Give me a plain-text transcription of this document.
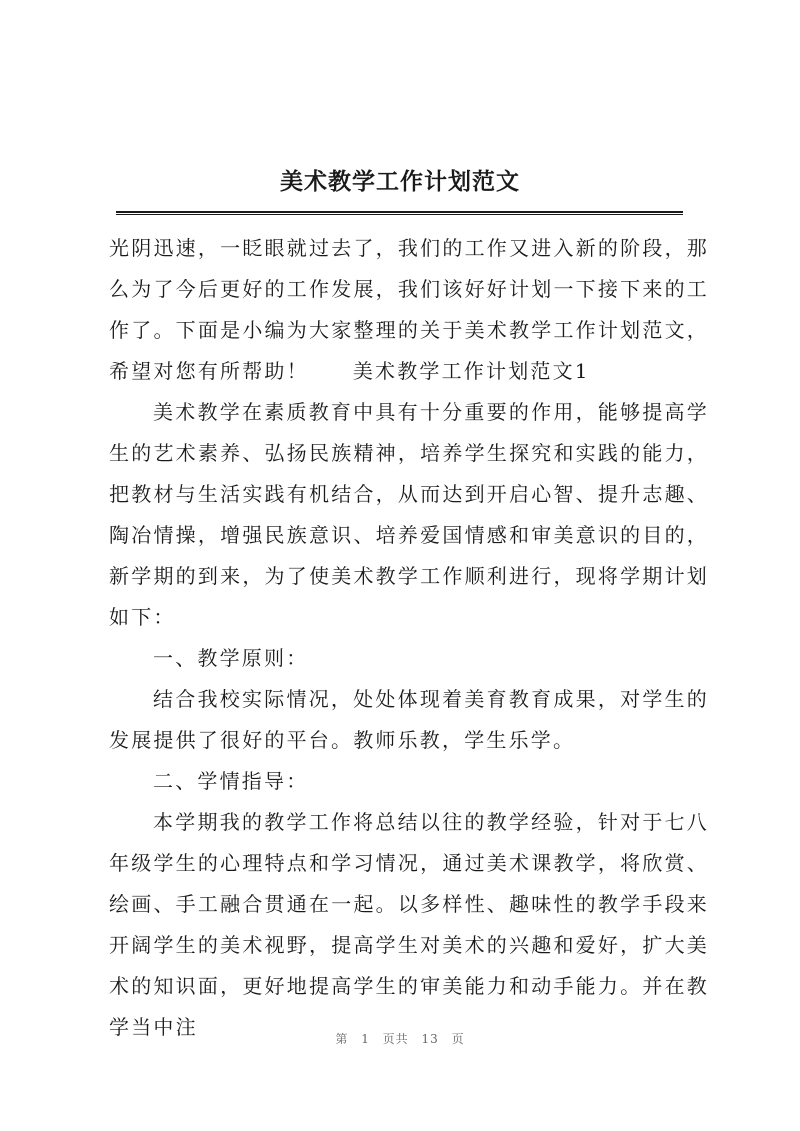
美术教学工作计划范文

光阴迅速，一眨眼就过去了，我们的工作又进入新的阶段，那么为了今后更好的工作发展，我们该好好计划一下接下来的工作了。下面是小编为大家整理的关于美术教学工作计划范文，希望对您有所帮助！ 美术教学工作计划范文1

美术教学在素质教育中具有十分重要的作用，能够提高学生的艺术素养、弘扬民族精神，培养学生探究和实践的能力，把教材与生活实践有机结合，从而达到开启心智、提升志趣、陶冶情操，增强民族意识、培养爱国情感和审美意识的目的，新学期的到来，为了使美术教学工作顺利进行，现将学期计划如下：

一、教学原则：

结合我校实际情况，处处体现着美育教育成果，对学生的发展提供了很好的平台。教师乐教，学生乐学。

二、学情指导：

本学期我的教学工作将总结以往的教学经验，针对于七八年级学生的心理特点和学习情况，通过美术课教学，将欣赏、绘画、手工融合贯通在一起。以多样性、趣味性的教学手段来开阔学生的美术视野，提高学生对美术的兴趣和爱好，扩大美术的知识面，更好地提高学生的审美能力和动手能力。并在教学当中注	第 1 页共 13 页
